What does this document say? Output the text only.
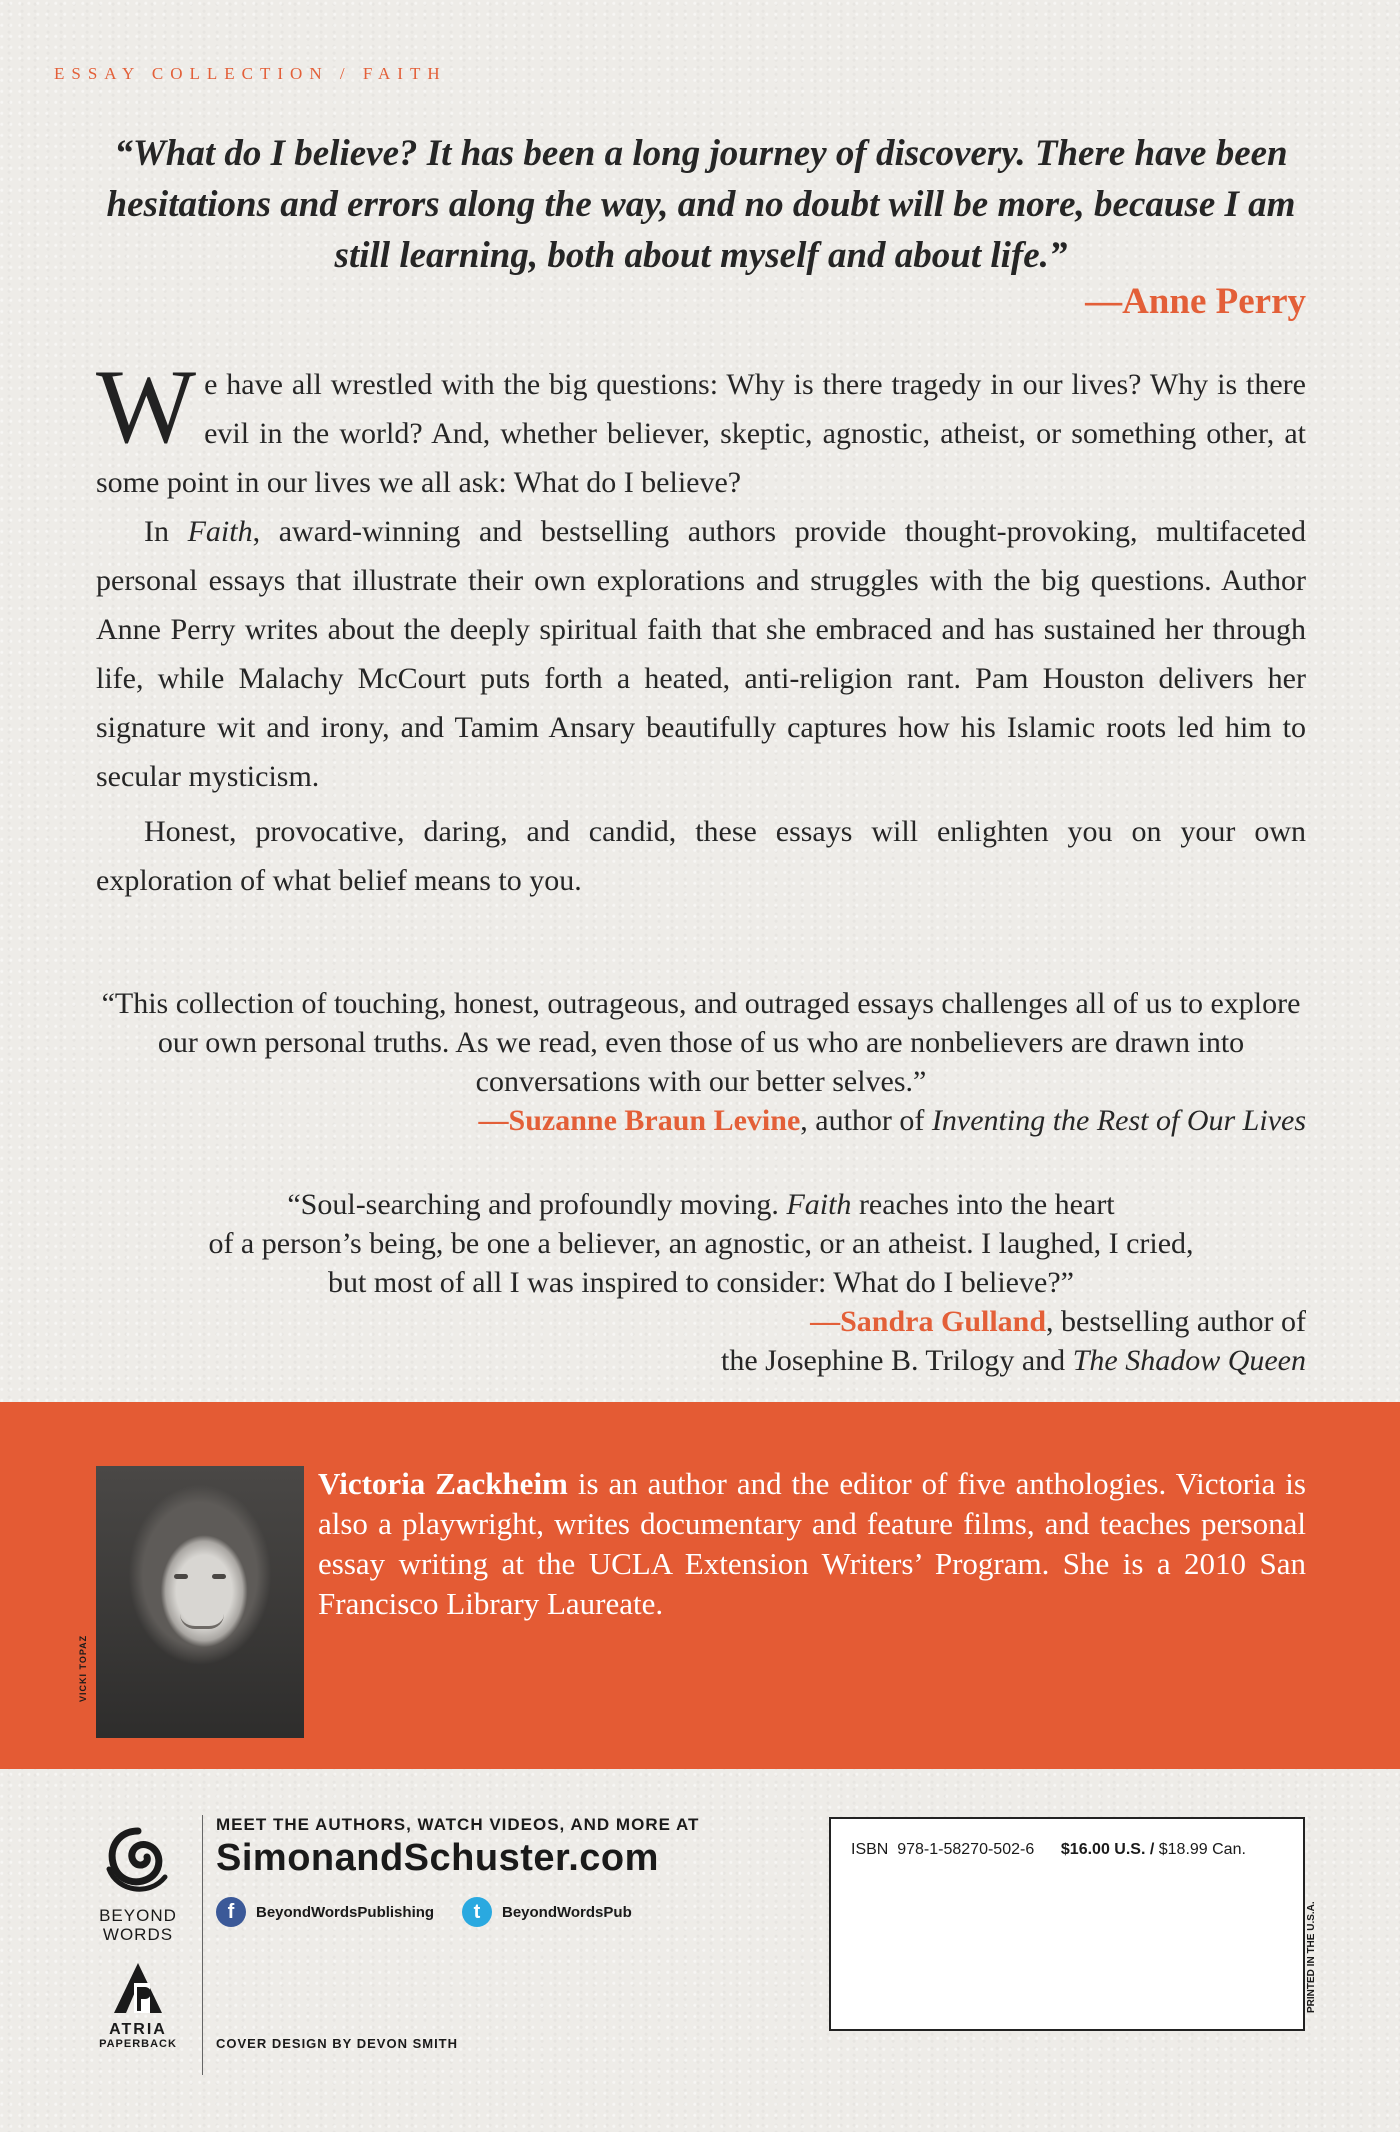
ESSAY COLLECTION / FAITH
“What do I believe? It has been a long journey of discovery. There have been hesitations and errors along the way, and no doubt will be more, because I am still learning, both about myself and about life.”
—Anne Perry

We have all wrestled with the big questions: Why is there tragedy in our lives? Why is there evil in the world? And, whether believer, skeptic, agnostic, atheist, or something other, at some point in our lives we all ask: What do I believe?

In Faith, award-winning and bestselling authors provide thought-provoking, multifaceted personal essays that illustrate their own explorations and struggles with the big questions. Author Anne Perry writes about the deeply spiritual faith that she embraced and has sustained her through life, while Malachy McCourt puts forth a heated, anti-religion rant. Pam Houston delivers her signature wit and irony, and Tamim Ansary beautifully captures how his Islamic roots led him to secular mysticism.

Honest, provocative, daring, and candid, these essays will enlighten you on your own exploration of what belief means to you.

“This collection of touching, honest, outrageous, and outraged essays challenges all of us to explore our own personal truths. As we read, even those of us who are nonbelievers are drawn into conversations with our better selves.”
—Suzanne Braun Levine, author of Inventing the Rest of Our Lives
“Soul-searching and profoundly moving. Faith reaches into the heart
of a person’s being, be one a believer, an agnostic, or an atheist. I laughed, I cried,
but most of all I was inspired to consider: What do I believe?”
—Sandra Gulland, bestselling author of
the Josephine B. Trilogy and The Shadow Queen
VICKI TOPAZ
Victoria Zackheim is an author and the editor of five anthologies. Victoria is also a playwright, writes documentary and feature films, and teaches personal essay writing at the UCLA Extension Writers’ Program. She is a 2010 San Francisco Library Laureate.
BEYOND
WORDS
ATRIA
PAPERBACK
MEET THE AUTHORS, WATCH VIDEOS, AND MORE AT
SimonandSchuster.com
f	BeyondWordsPublishing	t	BeyondWordsPub
COVER DESIGN BY DEVON SMITH
ISBN 978-1-58270-502-6 $16.00 U.S. / $18.99 Can.
PRINTED IN THE U.S.A.
